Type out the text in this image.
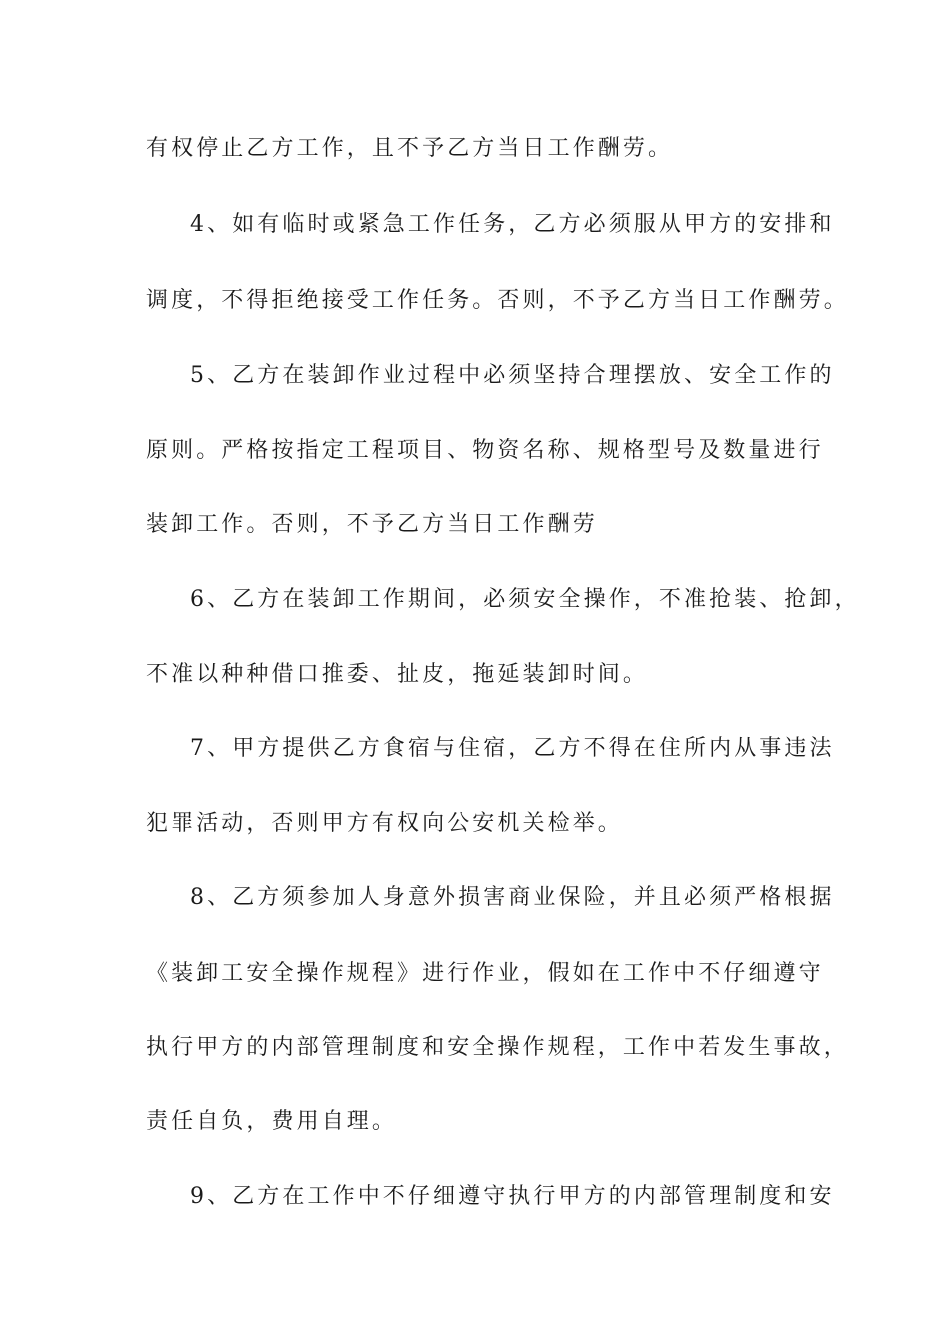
有权停止乙方工作，且不予乙方当日工作酬劳。
4、如有临时或紧急工作任务，乙方必须服从甲方的安排和
调度，不得拒绝接受工作任务。否则，不予乙方当日工作酬劳。
5、乙方在装卸作业过程中必须坚持合理摆放、安全工作的
原则。严格按指定工程项目、物资名称、规格型号及数量进行
装卸工作。否则，不予乙方当日工作酬劳
6、乙方在装卸工作期间，必须安全操作，不准抢装、抢卸，
不准以种种借口推委、扯皮，拖延装卸时间。
7、甲方提供乙方食宿与住宿，乙方不得在住所内从事违法
犯罪活动，否则甲方有权向公安机关检举。
8、乙方须参加人身意外损害商业保险，并且必须严格根据
《装卸工安全操作规程》进行作业，假如在工作中不仔细遵守
执行甲方的内部管理制度和安全操作规程，工作中若发生事故，
责任自负，费用自理。
9、乙方在工作中不仔细遵守执行甲方的内部管理制度和安
